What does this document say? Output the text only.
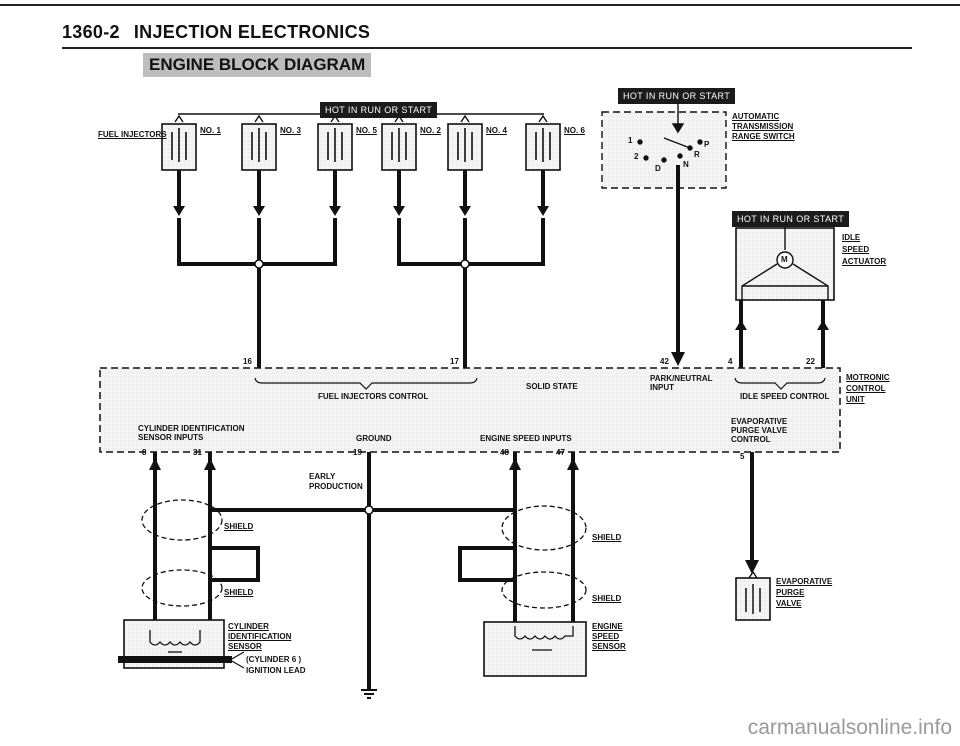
1360-2 INJECTION ELECTRONICS
ENGINE BLOCK DIAGRAM
HOT IN RUN OR START
HOT IN RUN OR START
HOT IN RUN OR START
FUEL INJECTORS	NO. 1	NO. 3	NO. 5	NO. 2	NO. 4	NO. 6
AUTOMATIC
TRANSMISSION
RANGE SWITCH
1
2
D	N
R
P
IDLE
SPEED
ACTUATOR
M
MOTRONIC
CONTROL
UNIT
FUEL INJECTORS CONTROL
SOLID STATE
PARK/NEUTRAL
INPUT
IDLE SPEED CONTROL
CYLINDER IDENTIFICATION
SENSOR INPUTS	GROUND	ENGINE SPEED INPUTS
EVAPORATIVE
PURGE VALVE
CONTROL
16	17	42	4	22
8	31	19	48	47	5
EARLY
PRODUCTION
SHIELD
SHIELD
SHIELD
SHIELD
CYLINDER
IDENTIFICATION
SENSOR
(CYLINDER 6 )
IGNITION LEAD
ENGINE
SPEED
SENSOR
EVAPORATIVE
PURGE
VALVE
carmanualsonline.info
